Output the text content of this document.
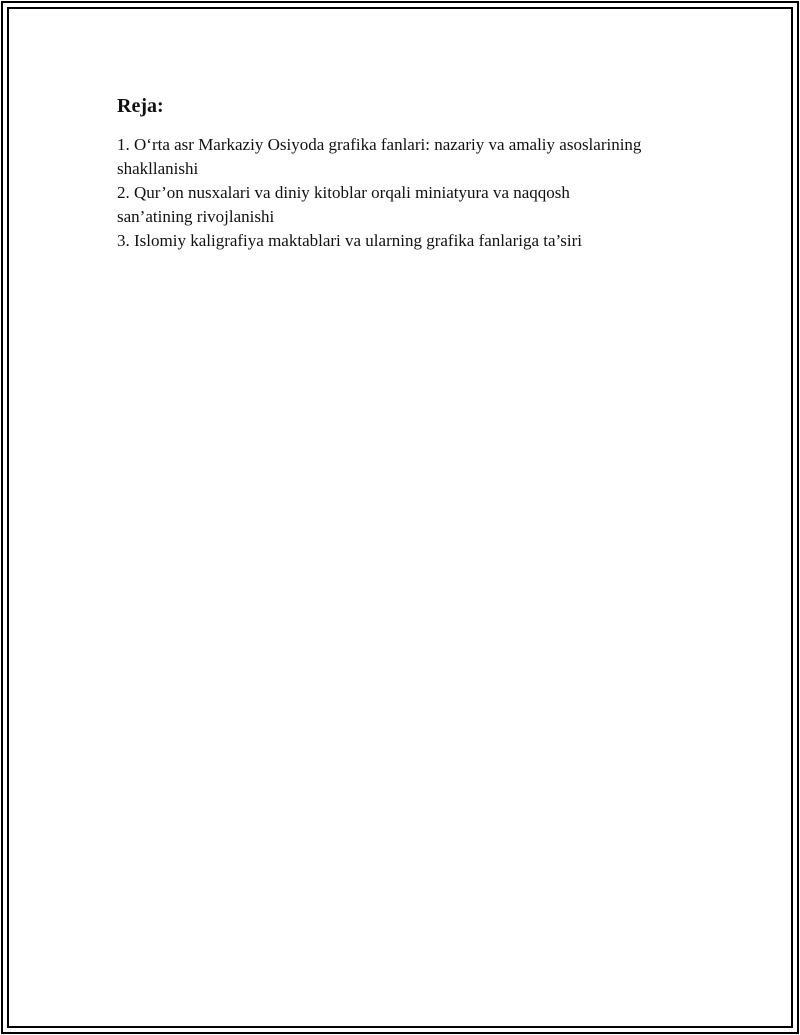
Reja:
1. O‘rta asr Markaziy Osiyoda grafika fanlari: nazariy va amaliy asoslarining
shakllanishi
2. Qur’on nusxalari va diniy kitoblar orqali miniatyura va naqqosh
san’atining rivojlanishi
3. Islomiy kaligrafiya maktablari va ularning grafika fanlariga ta’siri
